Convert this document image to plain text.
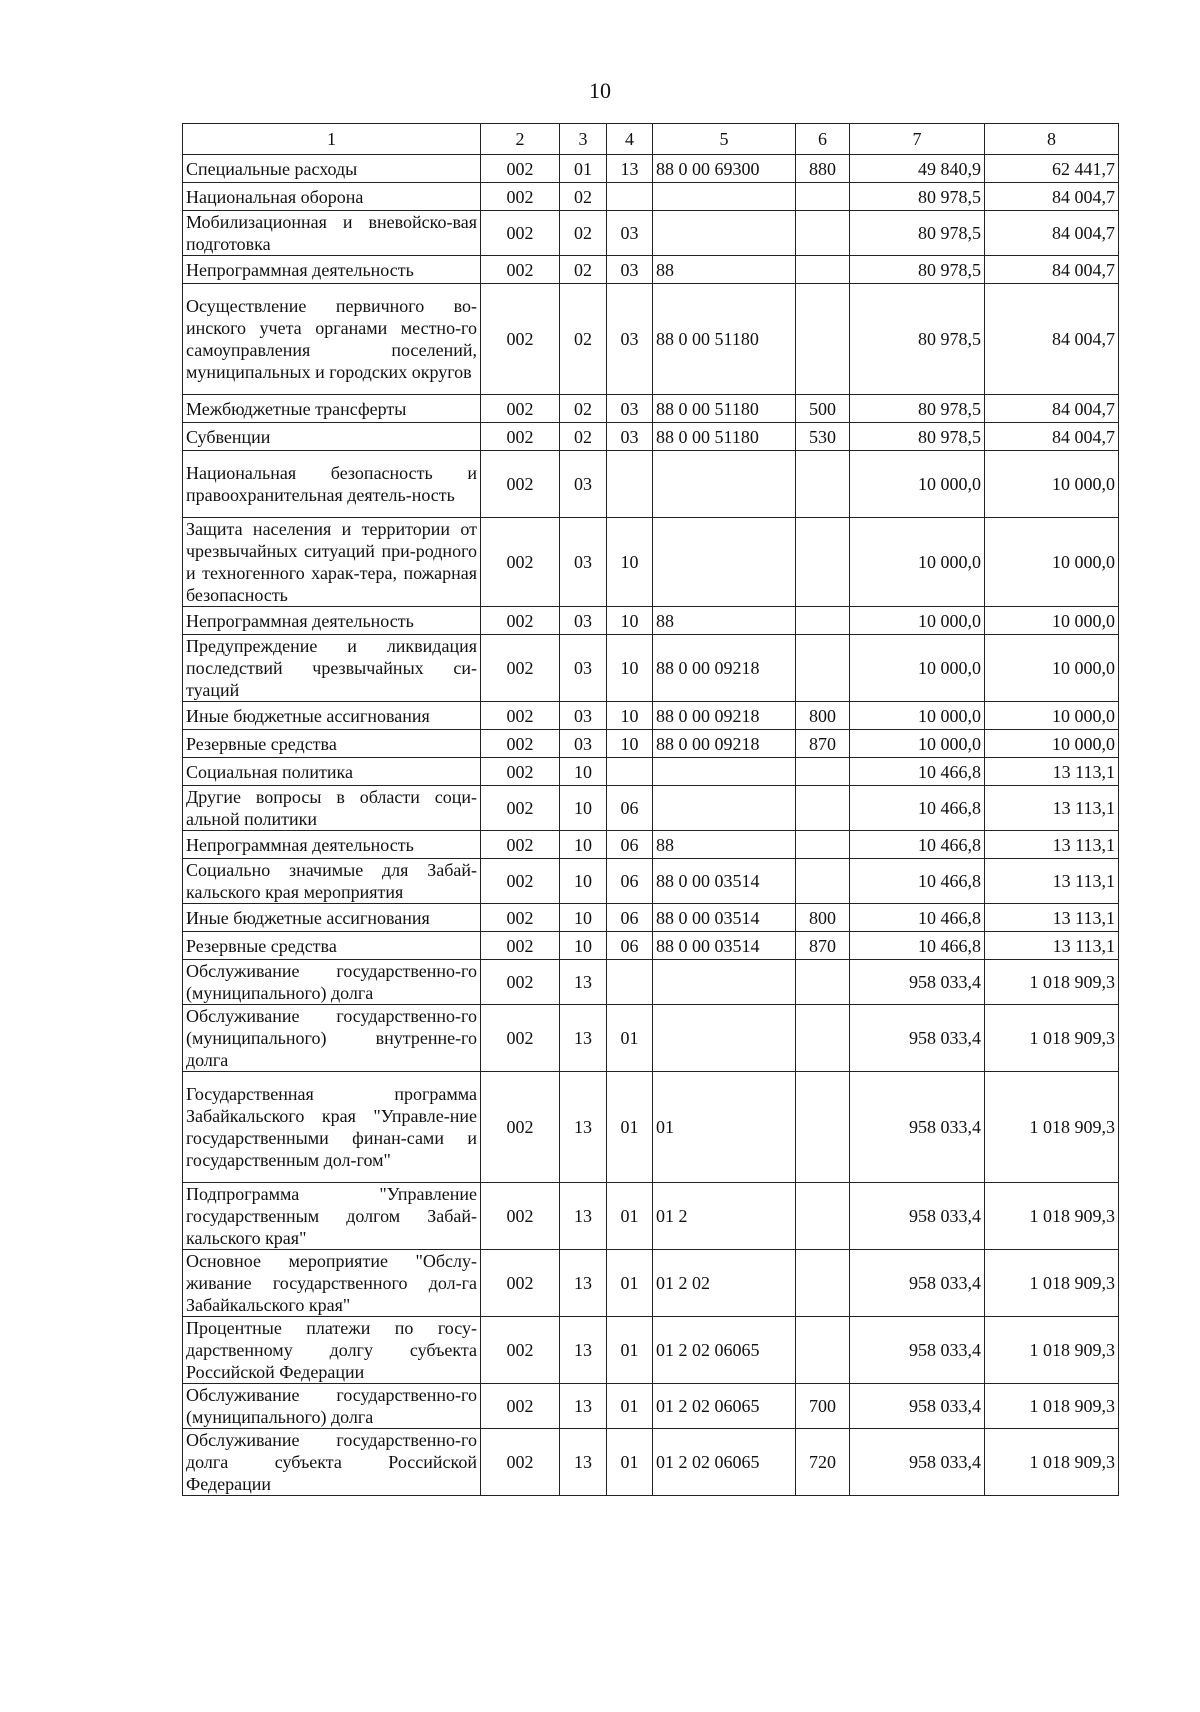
10
1	2	3	4	5	6	7	8
Специальные расходы	002	01	13	88 0 00 69300	880	49 840,9	62 441,7
Национальная оборона	002	02				80 978,5	84 004,7
Мобилизационная и вневойско-вая подготовка	002	02	03			80 978,5	84 004,7
Непрограммная деятельность	002	02	03	88		80 978,5	84 004,7
Осуществление первичного во-инского учета органами местно-го самоуправления поселений, муниципальных и городских округов	002	02	03	88 0 00 51180		80 978,5	84 004,7
Межбюджетные трансферты	002	02	03	88 0 00 51180	500	80 978,5	84 004,7
Субвенции	002	02	03	88 0 00 51180	530	80 978,5	84 004,7
Национальная безопасность и правоохранительная деятель-ность	002	03				10 000,0	10 000,0
Защита населения и территории от чрезвычайных ситуаций при-родного и техногенного харак-тера, пожарная безопасность	002	03	10			10 000,0	10 000,0
Непрограммная деятельность	002	03	10	88		10 000,0	10 000,0
Предупреждение и ликвидация последствий чрезвычайных си-туаций	002	03	10	88 0 00 09218		10 000,0	10 000,0
Иные бюджетные ассигнования	002	03	10	88 0 00 09218	800	10 000,0	10 000,0
Резервные средства	002	03	10	88 0 00 09218	870	10 000,0	10 000,0
Социальная политика	002	10				10 466,8	13 113,1
Другие вопросы в области соци-альной политики	002	10	06			10 466,8	13 113,1
Непрограммная деятельность	002	10	06	88		10 466,8	13 113,1
Социально значимые для Забай-кальского края мероприятия	002	10	06	88 0 00 03514		10 466,8	13 113,1
Иные бюджетные ассигнования	002	10	06	88 0 00 03514	800	10 466,8	13 113,1
Резервные средства	002	10	06	88 0 00 03514	870	10 466,8	13 113,1
Обслуживание государственно-го (муниципального) долга	002	13				958 033,4	1 018 909,3
Обслуживание государственно-го (муниципального) внутренне-го долга	002	13	01			958 033,4	1 018 909,3
Государственная программа Забайкальского края "Управле-ние государственными финан-сами и государственным дол-гом"	002	13	01	01		958 033,4	1 018 909,3
Подпрограмма "Управление государственным долгом Забай-кальского края"	002	13	01	01 2		958 033,4	1 018 909,3
Основное мероприятие "Обслу-живание государственного дол-га Забайкальского края"	002	13	01	01 2 02		958 033,4	1 018 909,3
Процентные платежи по госу-дарственному долгу субъекта Российской Федерации	002	13	01	01 2 02 06065		958 033,4	1 018 909,3
Обслуживание государственно-го (муниципального) долга	002	13	01	01 2 02 06065	700	958 033,4	1 018 909,3
Обслуживание государственно-го долга субъекта Российской Федерации	002	13	01	01 2 02 06065	720	958 033,4	1 018 909,3
